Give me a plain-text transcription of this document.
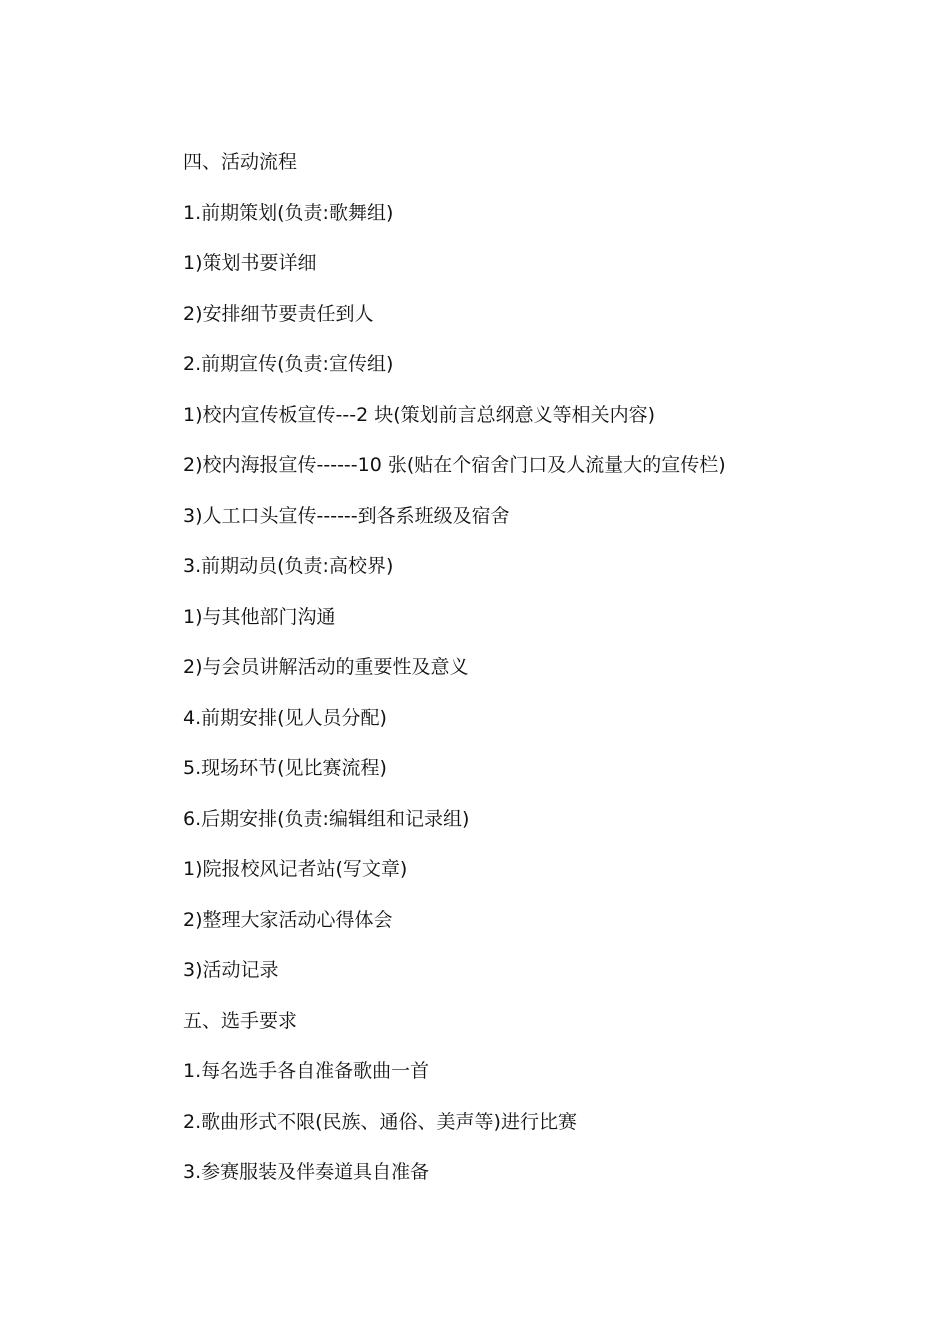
四、活动流程
1.前期策划(负责:歌舞组)
1)策划书要详细
2)安排细节要责任到人
2.前期宣传(负责:宣传组)
1)校内宣传板宣传---2 块(策划前言总纲意义等相关内容)
2)校内海报宣传------10 张(贴在个宿舍门口及人流量大的宣传栏)
3)人工口头宣传------到各系班级及宿舍
3.前期动员(负责:高校界)
1)与其他部门沟通
2)与会员讲解活动的重要性及意义
4.前期安排(见人员分配)
5.现场环节(见比赛流程)
6.后期安排(负责:编辑组和记录组)
1)院报校风记者站(写文章)
2)整理大家活动心得体会
3)活动记录
五、选手要求
1.每名选手各自准备歌曲一首
2.歌曲形式不限(民族、通俗、美声等)进行比赛
3.参赛服装及伴奏道具自准备
